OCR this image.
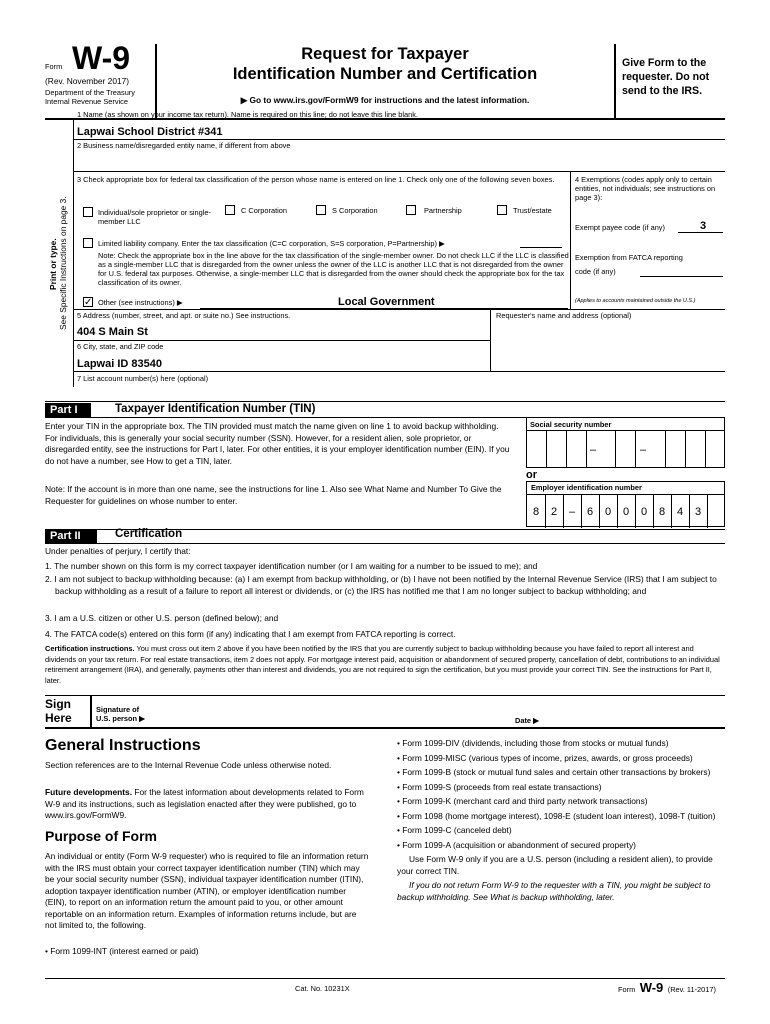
Form W-9
(Rev. November 2017)
Department of the Treasury
Internal Revenue Service
Request for Taxpayer
Identification Number and Certification
▶ Go to www.irs.gov/FormW9 for instructions and the latest information.
Give Form to the
requester. Do not
send to the IRS.
Print or type. See Specific Instructions on page 3.
1 Name (as shown on your income tax return). Name is required on this line; do not leave this line blank.
Lapwai School District #341
2 Business name/disregarded entity name, if different from above
3 Check appropriate box for federal tax classification of the person whose name is entered on line 1. Check only one of the following seven boxes.
Individual/sole proprietor or single-member LLC
C Corporation	S Corporation	Partnership	Trust/estate
Limited liability company. Enter the tax classification (C=C corporation, S=S corporation, P=Partnership) ▶
Note: Check the appropriate box in the line above for the tax classification of the single-member owner. Do not check LLC if the LLC is classified as a single-member LLC that is disregarded from the owner unless the owner of the LLC is another LLC that is not disregarded from the owner for U.S. federal tax purposes. Otherwise, a single-member LLC that is disregarded from the owner should check the appropriate box for the tax classification of its owner.
✓ Other (see instructions) ▶	Local Government
4 Exemptions (codes apply only to certain entities, not individuals; see instructions on page 3):
Exempt payee code (if any)	3
Exemption from FATCA reporting
code (if any)
(Applies to accounts maintained outside the U.S.)
5 Address (number, street, and apt. or suite no.) See instructions.	Requester's name and address (optional)
404 S Main St
6 City, state, and ZIP code
Lapwai ID 83540
7 List account number(s) here (optional)
Part I	Taxpayer Identification Number (TIN)
Enter your TIN in the appropriate box. The TIN provided must match the name given on line 1 to avoid backup withholding. For individuals, this is generally your social security number (SSN). However, for a resident alien, sole proprietor, or disregarded entity, see the instructions for Part I, later. For other entities, it is your employer identification number (EIN). If you do not have a number, see How to get a TIN, later.
Note: If the account is in more than one name, see the instructions for line 1. Also see What Name and Number To Give the Requester for guidelines on whose number to enter.
Social security number
–	–
or
Employer identification number
8	2	–	6	0	0	0	8	4	3
Part II	Certification
Under penalties of perjury, I certify that:
1. The number shown on this form is my correct taxpayer identification number (or I am waiting for a number to be issued to me); and
2. I am not subject to backup withholding because: (a) I am exempt from backup withholding, or (b) I have not been notified by the Internal Revenue Service (IRS) that I am subject to backup withholding as a result of a failure to report all interest or dividends, or (c) the IRS has notified me that I am no longer subject to backup withholding; and
3. I am a U.S. citizen or other U.S. person (defined below); and
4. The FATCA code(s) entered on this form (if any) indicating that I am exempt from FATCA reporting is correct.
Certification instructions. You must cross out item 2 above if you have been notified by the IRS that you are currently subject to backup withholding because you have failed to report all interest and dividends on your tax return. For real estate transactions, item 2 does not apply. For mortgage interest paid, acquisition or abandonment of secured property, cancellation of debt, contributions to an individual retirement arrangement (IRA), and generally, payments other than interest and dividends, you are not required to sign the certification, but you must provide your correct TIN. See the instructions for Part II, later.
Sign
Here
Signature of
U.S. person ▶	Date ▶
General Instructions
Section references are to the Internal Revenue Code unless otherwise noted.
Future developments. For the latest information about developments related to Form W-9 and its instructions, such as legislation enacted after they were published, go to www.irs.gov/FormW9.
Purpose of Form
An individual or entity (Form W-9 requester) who is required to file an information return with the IRS must obtain your correct taxpayer identification number (TIN) which may be your social security number (SSN), individual taxpayer identification number (ITIN), adoption taxpayer identification number (ATIN), or employer identification number (EIN), to report on an information return the amount paid to you, or other amount reportable on an information return. Examples of information returns include, but are not limited to, the following.
• Form 1099-INT (interest earned or paid)
• Form 1099-DIV (dividends, including those from stocks or mutual funds)
• Form 1099-MISC (various types of income, prizes, awards, or gross proceeds)
• Form 1099-B (stock or mutual fund sales and certain other transactions by brokers)
• Form 1099-S (proceeds from real estate transactions)
• Form 1099-K (merchant card and third party network transactions)
• Form 1098 (home mortgage interest), 1098-E (student loan interest), 1098-T (tuition)
• Form 1099-C (canceled debt)
• Form 1099-A (acquisition or abandonment of secured property)
Use Form W-9 only if you are a U.S. person (including a resident alien), to provide your correct TIN.
If you do not return Form W-9 to the requester with a TIN, you might be subject to backup withholding. See What is backup withholding, later.
Cat. No. 10231X	Form W-9 (Rev. 11-2017)
